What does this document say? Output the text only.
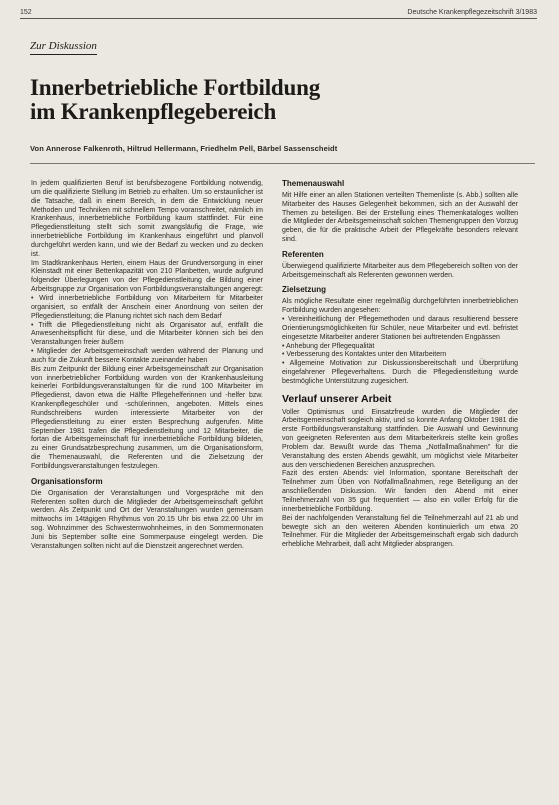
152	Deutsche Krankenpflegezeitschrift 3/1983
Zur Diskussion
Innerbetriebliche Fortbildung
im Krankenpflegebereich
Von Annerose Falkenroth, Hiltrud Hellermann, Friedhelm Pell, Bärbel Sassenscheidt

In jedem qualifizierten Beruf ist berufsbezogene Fortbildung notwendig, um die qualifizierte Stellung im Betrieb zu erhalten. Um so erstaunlicher ist die Tatsache, daß in einem Bereich, in dem die Entwicklung neuer Methoden und Techniken mit schnellem Tempo voranschreitet, nämlich im Krankenhaus, innerbetriebliche Fortbildung kaum stattfindet. Für eine Pflegedienstleitung stellt sich somit zwangsläufig die Frage, wie innerbetriebliche Fortbildung im Krankenhaus eingeführt und planvoll durchgeführt werden kann, und wie der Bedarf zu wecken und zu decken ist.

Im Stadtkrankenhaus Herten, einem Haus der Grundversorgung in einer Kleinstadt mit einer Bettenkapazität von 210 Planbetten, wurde aufgrund folgender Überlegungen von der Pflegedienstleitung die Bildung einer Arbeitsgruppe zur Organisation von Fortbildungsveranstaltungen angeregt:

• Wird innerbetriebliche Fortbildung von Mitarbeitern für Mitarbeiter organisiert, so entfällt der Anschein einer Anordnung von seiten der Pflegedienstleitung; die Planung richtet sich nach dem Bedarf
• Trifft die Pflegedienstleitung nicht als Organisator auf, entfällt die Anwesenheitspflicht für diese, und die Mitarbeiter können sich bei den Veranstaltungen freier äußern
• Mitglieder der Arbeitsgemeinschaft werden während der Planung und auch für die Zukunft bessere Kontakte zueinander haben

Bis zum Zeitpunkt der Bildung einer Arbeitsgemeinschaft zur Organisation von innerbetrieblicher Fortbildung wurden von der Krankenhausleitung keinerlei Fortbildungsveranstaltungen für die rund 100 Mitarbeiter im Pflegedienst, davon etwa die Hälfte Pflegehelferinnen und -helfer bzw. Krankenpflegeschüler und -schülerinnen, angeboten. Mittels eines Rundschreibens wurden interessierte Mitarbeiter von der Pflegedienstleitung zu einer ersten Besprechung aufgerufen. Mitte September 1981 trafen die Pflegedienstleitung und 12 Mitarbeiter, die fortan die Arbeitsgemeinschaft für innerbetriebliche Fortbildung bildeten, zu einer Grundsatzbesprechung zusammen, um die Organisationsform, die Themenauswahl, die Referenten und die Zielsetzung der Fortbildungsveranstaltungen festzulegen.

Organisationsform

Die Organisation der Veranstaltungen und Vorgespräche mit den Referenten sollten durch die Mitglieder der Arbeitsgemeinschaft geführt werden. Als Zeitpunkt und Ort der Veranstaltungen wurden gemeinsam mittwochs im 14tägigen Rhythmus von 20.15 Uhr bis etwa 22.00 Uhr im sog. Wohnzimmer des Schwesternwohnheimes, in den Sommermonaten Juni bis September sollte eine Sommerpause eingelegt werden. Die Veranstaltungen sollten nicht auf die Dienstzeit angerechnet werden.

Themenauswahl

Mit Hilfe einer an allen Stationen verteilten Themenliste (s. Abb.) sollten alle Mitarbeiter des Hauses Gelegenheit bekommen, sich an der Auswahl der Themen zu beteiligen. Bei der Erstellung eines Themenkataloges wollten die Mitglieder der Arbeitsgemeinschaft solchen Themengruppen den Vorzug geben, die für die praktische Arbeit der Pflegekräfte besonders relevant sind.

Referenten

Überwiegend qualifizierte Mitarbeiter aus dem Pflegebereich sollten von der Arbeitsgemeinschaft als Referenten gewonnen werden.

Zielsetzung

Als mögliche Resultate einer regelmäßig durchgeführten innerbetrieblichen Fortbildung wurden angesehen:

• Vereinheitlichung der Pflegemethoden und daraus resultierend bessere Orientierungsmöglichkeiten für Schüler, neue Mitarbeiter und evtl. befristet eingesetzte Mitarbeiter anderer Stationen bei auftretenden Engpässen
• Anhebung der Pflegequalität
• Verbesserung des Kontaktes unter den Mitarbeitern
• Allgemeine Motivation zur Diskussionsbereitschaft und Überprüfung eingefahrener Pflegeverhaltens. Durch die Pflegedienstleitung wurde bestmögliche Unterstützung zugesichert.
Verlauf unserer Arbeit

Voller Optimismus und Einsatzfreude wurden die Mitglieder der Arbeitsgemeinschaft sogleich aktiv, und so konnte Anfang Oktober 1981 die erste Fortbildungsveranstaltung stattfinden. Die Auswahl und Gewinnung von geeigneten Referenten aus dem Mitarbeiterkreis stellte kein großes Problem dar. Bewußt wurde das Thema „Notfallmaßnahmen" für die Veranstaltung des ersten Abends gewählt, um möglichst viele Mitarbeiter aus den verschiedenen Bereichen anzusprechen.

Fazit des ersten Abends: viel Information, spontane Bereitschaft der Teilnehmer zum Üben von Notfallmaßnahmen, rege Beteiligung an der anschließenden Diskussion. Wir fanden den Abend mit einer Teilnehmerzahl von 35 gut frequentiert — also ein voller Erfolg für die innerbetriebliche Fortbildung.

Bei der nachfolgenden Veranstaltung fiel die Teilnehmerzahl auf 21 ab und bewegte sich an den weiteren Abenden kontinuierlich um etwa 20 Teilnehmer. Für die Mitglieder der Arbeitsgemeinschaft ergab sich dadurch erhebliche Mehrarbeit, daß acht Mitglieder absprangen.
